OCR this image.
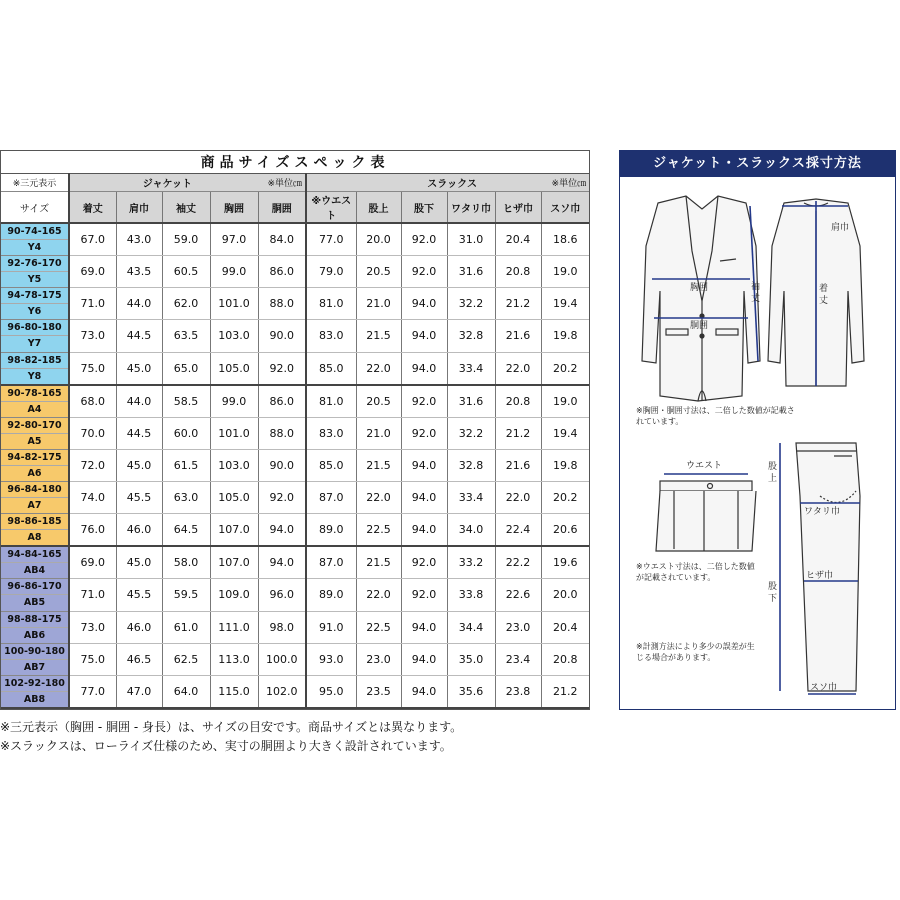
商品サイズスペック表											
※三元表示	ジャケット			※単位㎝		スラックス				※単位㎝	
サイズ	着丈	肩巾	袖丈	胸囲	胴囲	※ウエスト	股上	股下	ワタリ巾	ヒザ巾	スソ巾

90-74-165
Y4	67.0	43.0	59.0	97.0	84.0	77.0	20.0	92.0	31.0	20.4	18.6

92-76-170
Y5	69.0	43.5	60.5	99.0	86.0	79.0	20.5	92.0	31.6	20.8	19.0

94-78-175
Y6	71.0	44.0	62.0	101.0	88.0	81.0	21.0	94.0	32.2	21.2	19.4

96-80-180
Y7	73.0	44.5	63.5	103.0	90.0	83.0	21.5	94.0	32.8	21.6	19.8

98-82-185
Y8	75.0	45.0	65.0	105.0	92.0	85.0	22.0	94.0	33.4	22.0	20.2

90-78-165
A4	68.0	44.0	58.5	99.0	86.0	81.0	20.5	92.0	31.6	20.8	19.0

92-80-170
A5	70.0	44.5	60.0	101.0	88.0	83.0	21.0	92.0	32.2	21.2	19.4

94-82-175
A6	72.0	45.0	61.5	103.0	90.0	85.0	21.5	94.0	32.8	21.6	19.8

96-84-180
A7	74.0	45.5	63.0	105.0	92.0	87.0	22.0	94.0	33.4	22.0	20.2

98-86-185
A8	76.0	46.0	64.5	107.0	94.0	89.0	22.5	94.0	34.0	22.4	20.6

94-84-165
AB4	69.0	45.0	58.0	107.0	94.0	87.0	21.5	92.0	33.2	22.2	19.6

96-86-170
AB5	71.0	45.5	59.5	109.0	96.0	89.0	22.0	92.0	33.8	22.6	20.0

98-88-175
AB6	73.0	46.0	61.0	111.0	98.0	91.0	22.5	94.0	34.4	23.0	20.4

100-90-180
AB7	75.0	46.5	62.5	113.0	100.0	93.0	23.0	94.0	35.0	23.4	20.8

102-92-180
AB8	77.0	47.0	64.0	115.0	102.0	95.0	23.5	94.0	35.6	23.8	21.2
※三元表示（胸囲 - 胴囲 - 身長）は、サイズの目安です。商品サイズとは異なります。
※スラックスは、ローライズ仕様のため、実寸の胴囲より大きく設計されています。
ジャケット・スラックス採寸方法
胸囲
胴囲
袖丈
肩巾
着丈
※胸囲・胴囲寸法は、二倍した数値が記載されています。
ウエスト	股上
ワタリ巾
ヒザ巾
股下
スソ巾
※ウエスト寸法は、二倍した数値が記載されています。
※計測方法により多少の誤差が生じる場合があります。
